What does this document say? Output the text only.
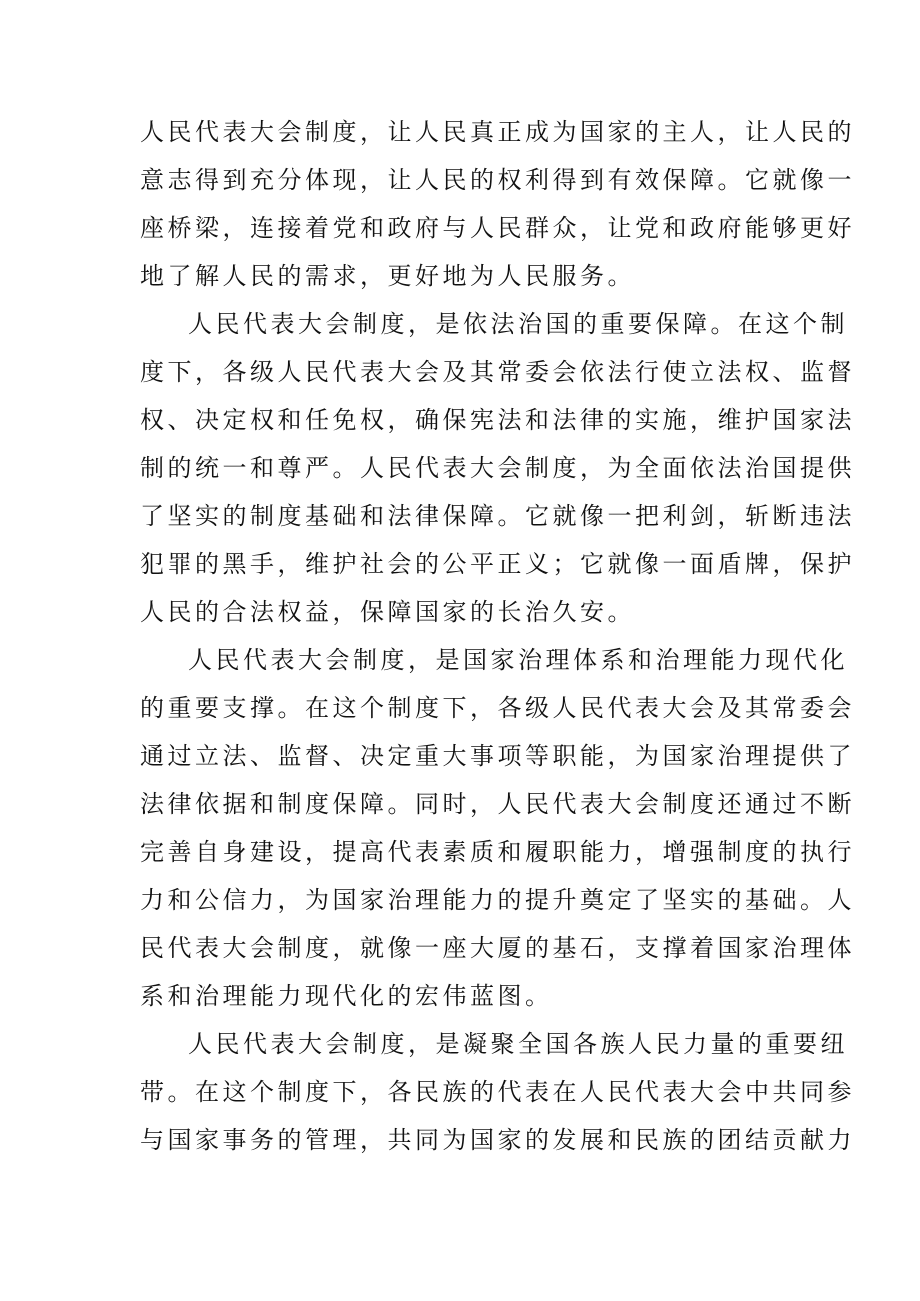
人民代表大会制度，让人民真正成为国家的主人，让人民的
意志得到充分体现，让人民的权利得到有效保障。它就像一
座桥梁，连接着党和政府与人民群众，让党和政府能够更好
地了解人民的需求，更好地为人民服务。
人民代表大会制度，是依法治国的重要保障。在这个制
度下，各级人民代表大会及其常委会依法行使立法权、监督
权、决定权和任免权，确保宪法和法律的实施，维护国家法
制的统一和尊严。人民代表大会制度，为全面依法治国提供
了坚实的制度基础和法律保障。它就像一把利剑，斩断违法
犯罪的黑手，维护社会的公平正义；它就像一面盾牌，保护
人民的合法权益，保障国家的长治久安。
人民代表大会制度，是国家治理体系和治理能力现代化
的重要支撑。在这个制度下，各级人民代表大会及其常委会
通过立法、监督、决定重大事项等职能，为国家治理提供了
法律依据和制度保障。同时，人民代表大会制度还通过不断
完善自身建设，提高代表素质和履职能力，增强制度的执行
力和公信力，为国家治理能力的提升奠定了坚实的基础。人
民代表大会制度，就像一座大厦的基石，支撑着国家治理体
系和治理能力现代化的宏伟蓝图。
人民代表大会制度，是凝聚全国各族人民力量的重要纽
带。在这个制度下，各民族的代表在人民代表大会中共同参
与国家事务的管理，共同为国家的发展和民族的团结贡献力
